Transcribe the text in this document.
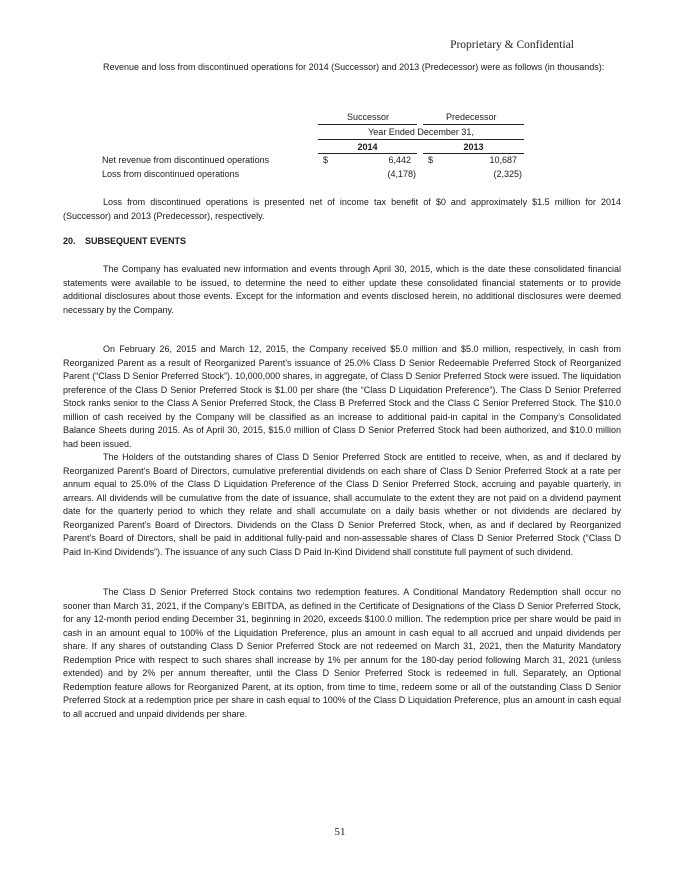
Proprietary & Confidential

Revenue and loss from discontinued operations for 2014 (Successor) and 2013 (Predecessor) were as follows (in thousands):

Successor	Predecessor
Year Ended December 31,
2014	2013
Net revenue from discontinued operations	$	6,442 $	10,687
Loss from discontinued operations	(4,178)	(2,325)

Loss from discontinued operations is presented net of income tax benefit of $0 and approximately $1.5 million for 2014 (Successor) and 2013 (Predecessor), respectively.

20. SUBSEQUENT EVENTS

The Company has evaluated new information and events through April 30, 2015, which is the date these consolidated financial statements were available to be issued, to determine the need to either update these consolidated financial statements or to provide additional disclosures about those events. Except for the information and events disclosed herein, no additional disclosures were deemed necessary by the Company.

On February 26, 2015 and March 12, 2015, the Company received $5.0 million and $5.0 million, respectively, in cash from Reorganized Parent as a result of Reorganized Parent’s issuance of 25.0% Class D Senior Redeemable Preferred Stock of Reorganized Parent (“Class D Senior Preferred Stock”). 10,000,000 shares, in aggregate, of Class D Senior Preferred Stock were issued. The liquidation preference of the Class D Senior Preferred Stock is $1.00 per share (the “Class D Liquidation Preference”). The Class D Senior Preferred Stock ranks senior to the Class A Senior Preferred Stock, the Class B Preferred Stock and the Class C Senior Preferred Stock. The $10.0 million of cash received by the Company will be classified as an increase to additional paid-in capital in the Company’s Consolidated Balance Sheets during 2015. As of April 30, 2015, $15.0 million of Class D Senior Preferred Stock had been authorized, and $10.0 million had been issued.

The Holders of the outstanding shares of Class D Senior Preferred Stock are entitled to receive, when, as and if declared by Reorganized Parent’s Board of Directors, cumulative preferential dividends on each share of Class D Senior Preferred Stock at a rate per annum equal to 25.0% of the Class D Liquidation Preference of the Class D Senior Preferred Stock, accruing and payable quarterly, in arrears. All dividends will be cumulative from the date of issuance, shall accumulate to the extent they are not paid on a dividend payment date for the quarterly period to which they relate and shall accumulate on a daily basis whether or not dividends are declared by Reorganized Parent’s Board of Directors. Dividends on the Class D Senior Preferred Stock, when, as and if declared by Reorganized Parent’s Board of Directors, shall be paid in additional fully-paid and non-assessable shares of Class D Senior Preferred Stock (“Class D Paid In-Kind Dividends”). The issuance of any such Class D Paid In-Kind Dividend shall constitute full payment of such dividend.

The Class D Senior Preferred Stock contains two redemption features. A Conditional Mandatory Redemption shall occur no sooner than March 31, 2021, if the Company’s EBITDA, as defined in the Certificate of Designations of the Class D Senior Preferred Stock, for any 12-month period ending December 31, beginning in 2020, exceeds $100.0 million. The redemption price per share would be paid in cash in an amount equal to 100% of the Liquidation Preference, plus an amount in cash equal to all accrued and unpaid dividends per share. If any shares of outstanding Class D Senior Preferred Stock are not redeemed on March 31, 2021, then the Maturity Mandatory Redemption Price with respect to such shares shall increase by 1% per annum for the 180-day period following March 31, 2021 (unless extended) and by 2% per annum thereafter, until the Class D Senior Preferred Stock is redeemed in full. Separately, an Optional Redemption feature allows for Reorganized Parent, at its option, from time to time, redeem some or all of the outstanding Class D Senior Preferred Stock at a redemption price per share in cash equal to 100% of the Class D Liquidation Preference, plus an amount in cash equal to all accrued and unpaid dividends per share.

51
